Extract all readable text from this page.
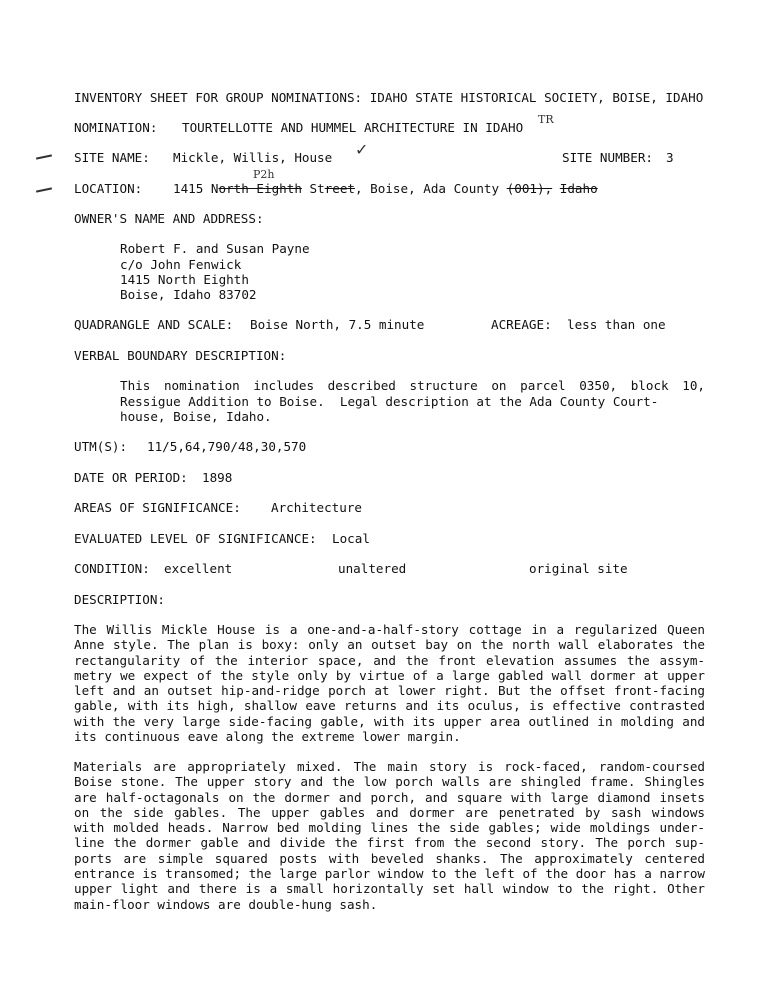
INVENTORY SHEET FOR GROUP NOMINATIONS: IDAHO STATE HISTORICAL SOCIETY, BOISE, IDAHO
NOMINATION: TOURTELLOTTE AND HUMMEL ARCHITECTURE IN IDAHO
TR
SITE NAME: Mickle, Willis, House ✓	SITE NUMBER: 3
P2h
LOCATION: 1415 North Eighth Street, Boise, Ada County (001), Idaho
OWNER'S NAME AND ADDRESS:
Robert F. and Susan Payne
c/o John Fenwick
1415 North Eighth
Boise, Idaho 83702
QUADRANGLE AND SCALE: Boise North, 7.5 minute	ACREAGE: less than one
VERBAL BOUNDARY DESCRIPTION:
This nomination includes described structure on parcel 0350, block 10,
Ressigue Addition to Boise.  Legal description at the Ada County Court-
house, Boise, Idaho.
UTM(S): 11/5,64,790/48,30,570
DATE OR PERIOD: 1898
AREAS OF SIGNIFICANCE: Architecture
EVALUATED LEVEL OF SIGNIFICANCE: Local
CONDITION: excellent	unaltered	original site
DESCRIPTION:
The Willis Mickle House is a one-and-a-half-story cottage in a regularized Queen
Anne style. The plan is boxy: only an outset bay on the north wall elaborates the
rectangularity of the interior space, and the front elevation assumes the assym-
metry we expect of the style only by virtue of a large gabled wall dormer at upper
left and an outset hip-and-ridge porch at lower right. But the offset front-facing
gable, with its high, shallow eave returns and its oculus, is effective contrasted
with the very large side-facing gable, with its upper area outlined in molding and
its continuous eave along the extreme lower margin.
Materials are appropriately mixed. The main story is rock-faced, random-coursed
Boise stone. The upper story and the low porch walls are shingled frame. Shingles
are half-octagonals on the dormer and porch, and square with large diamond insets
on the side gables. The upper gables and dormer are penetrated by sash windows
with molded heads. Narrow bed molding lines the side gables; wide moldings under-
line the dormer gable and divide the first from the second story. The porch sup-
ports are simple squared posts with beveled shanks. The approximately centered
entrance is transomed; the large parlor window to the left of the door has a narrow
upper light and there is a small horizontally set hall window to the right. Other
main-floor windows are double-hung sash.
